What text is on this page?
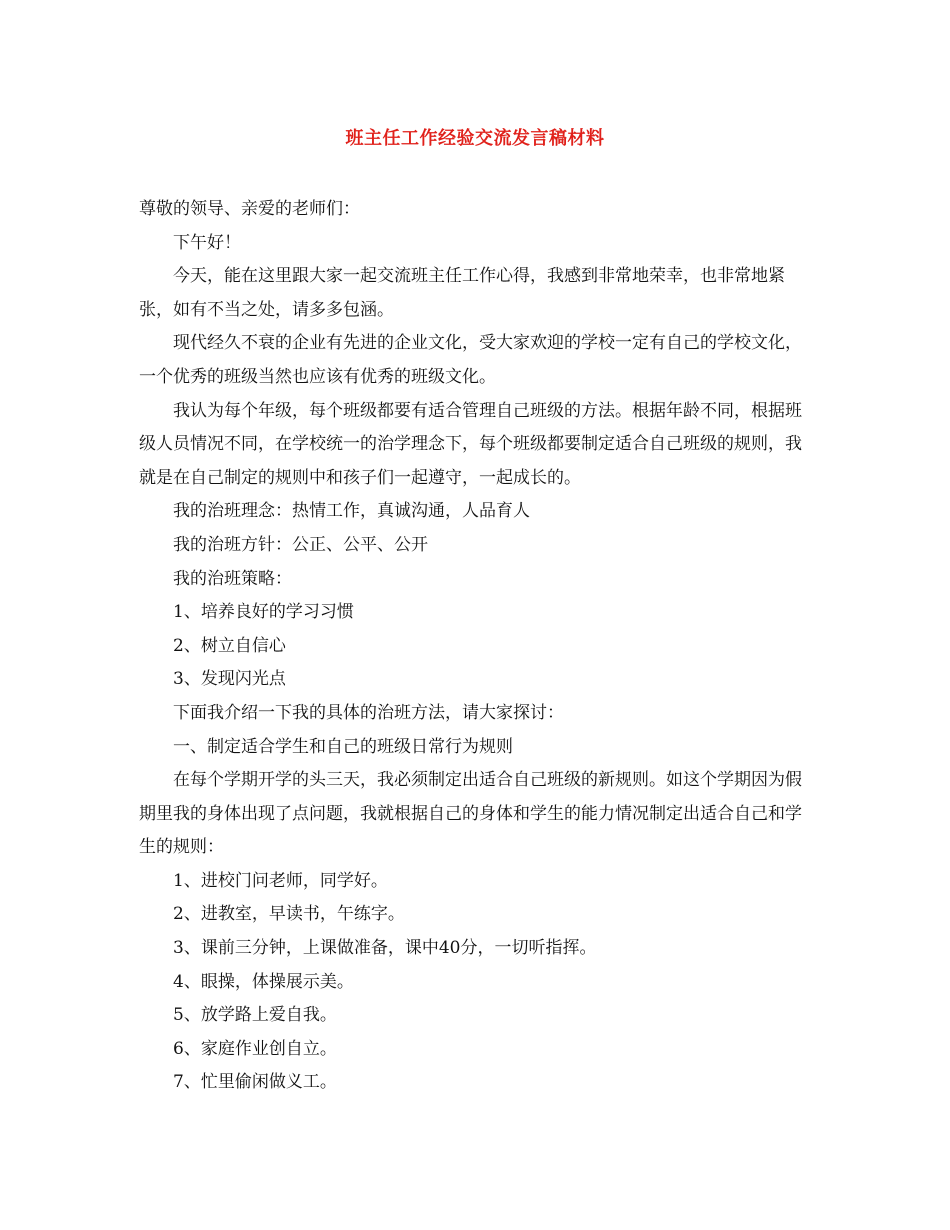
班主任工作经验交流发言稿材料

尊敬的领导、亲爱的老师们：

下午好！

今天，能在这里跟大家一起交流班主任工作心得，我感到非常地荣幸，也非常地紧张，如有不当之处，请多多包涵。

现代经久不衰的企业有先进的企业文化，受大家欢迎的学校一定有自己的学校文化，一个优秀的班级当然也应该有优秀的班级文化。

我认为每个年级，每个班级都要有适合管理自己班级的方法。根据年龄不同，根据班级人员情况不同，在学校统一的治学理念下，每个班级都要制定适合自己班级的规则，我就是在自己制定的规则中和孩子们一起遵守，一起成长的。

我的治班理念：热情工作，真诚沟通，人品育人

我的治班方针：公正、公平、公开

我的治班策略：

1、培养良好的学习习惯

2、树立自信心

3、发现闪光点

下面我介绍一下我的具体的治班方法，请大家探讨：

一、制定适合学生和自己的班级日常行为规则

在每个学期开学的头三天，我必须制定出适合自己班级的新规则。如这个学期因为假期里我的身体出现了点问题，我就根据自己的身体和学生的能力情况制定出适合自己和学生的规则：

1、进校门问老师，同学好。

2、进教室，早读书，午练字。

3、课前三分钟，上课做准备，课中40分，一切听指挥。

4、眼操，体操展示美。

5、放学路上爱自我。

6、家庭作业创自立。

7、忙里偷闲做义工。
